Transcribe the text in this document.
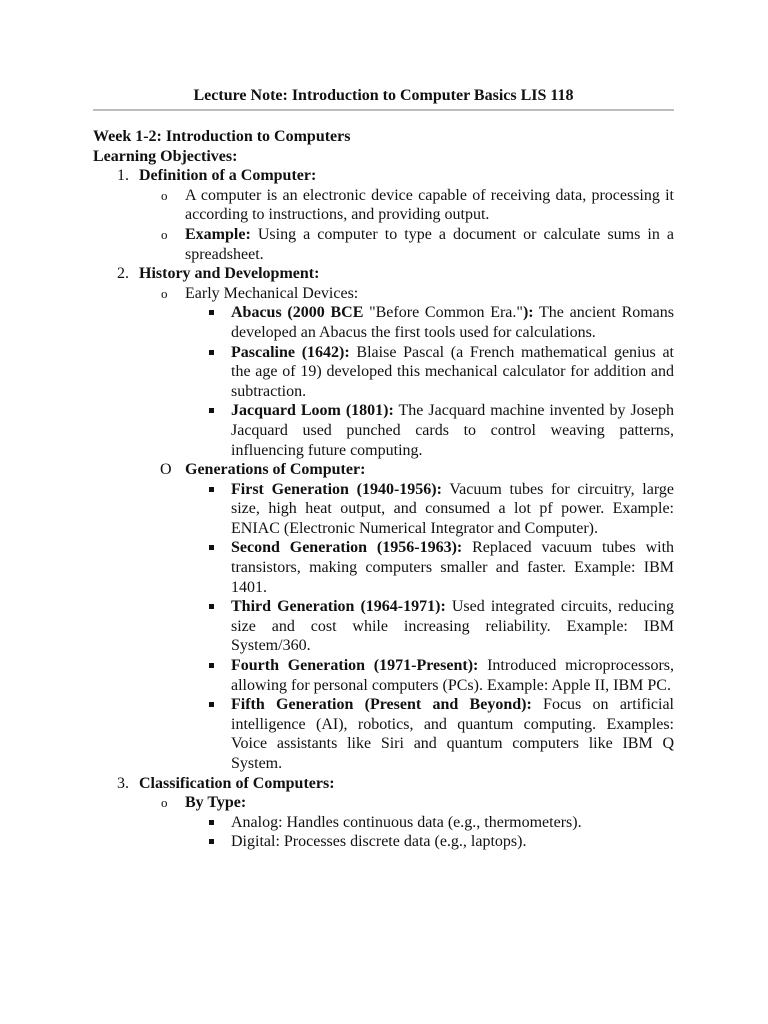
Lecture Note: Introduction to Computer Basics LIS 118

Week 1-2: Introduction to Computers

Learning Objectives:

1. Definition of a Computer:

o A computer is an electronic device capable of receiving data, processing it according to instructions, and providing output.

o Example: Using a computer to type a document or calculate sums in a spreadsheet.

2. History and Development:

o Early Mechanical Devices:

Abacus (2000 BCE "Before Common Era."): The ancient Romans developed an Abacus the first tools used for calculations.

Pascaline (1642): Blaise Pascal (a French mathematical genius at the age of 19) developed this mechanical calculator for addition and subtraction.

Jacquard Loom (1801): The Jacquard machine invented by Joseph Jacquard used punched cards to control weaving patterns, influencing future computing.

O Generations of Computer:

First Generation (1940-1956): Vacuum tubes for circuitry, large size, high heat output, and consumed a lot pf power. Example: ENIAC (Electronic Numerical Integrator and Computer).

Second Generation (1956-1963): Replaced vacuum tubes with transistors, making computers smaller and faster. Example: IBM 1401.

Third Generation (1964-1971): Used integrated circuits, reducing size and cost while increasing reliability. Example: IBM System/360.

Fourth Generation (1971-Present): Introduced microprocessors, allowing for personal computers (PCs). Example: Apple II, IBM PC.

Fifth Generation (Present and Beyond): Focus on artificial intelligence (AI), robotics, and quantum computing. Examples: Voice assistants like Siri and quantum computers like IBM Q System.

3. Classification of Computers:

o By Type:

Analog: Handles continuous data (e.g., thermometers).

Digital: Processes discrete data (e.g., laptops).
